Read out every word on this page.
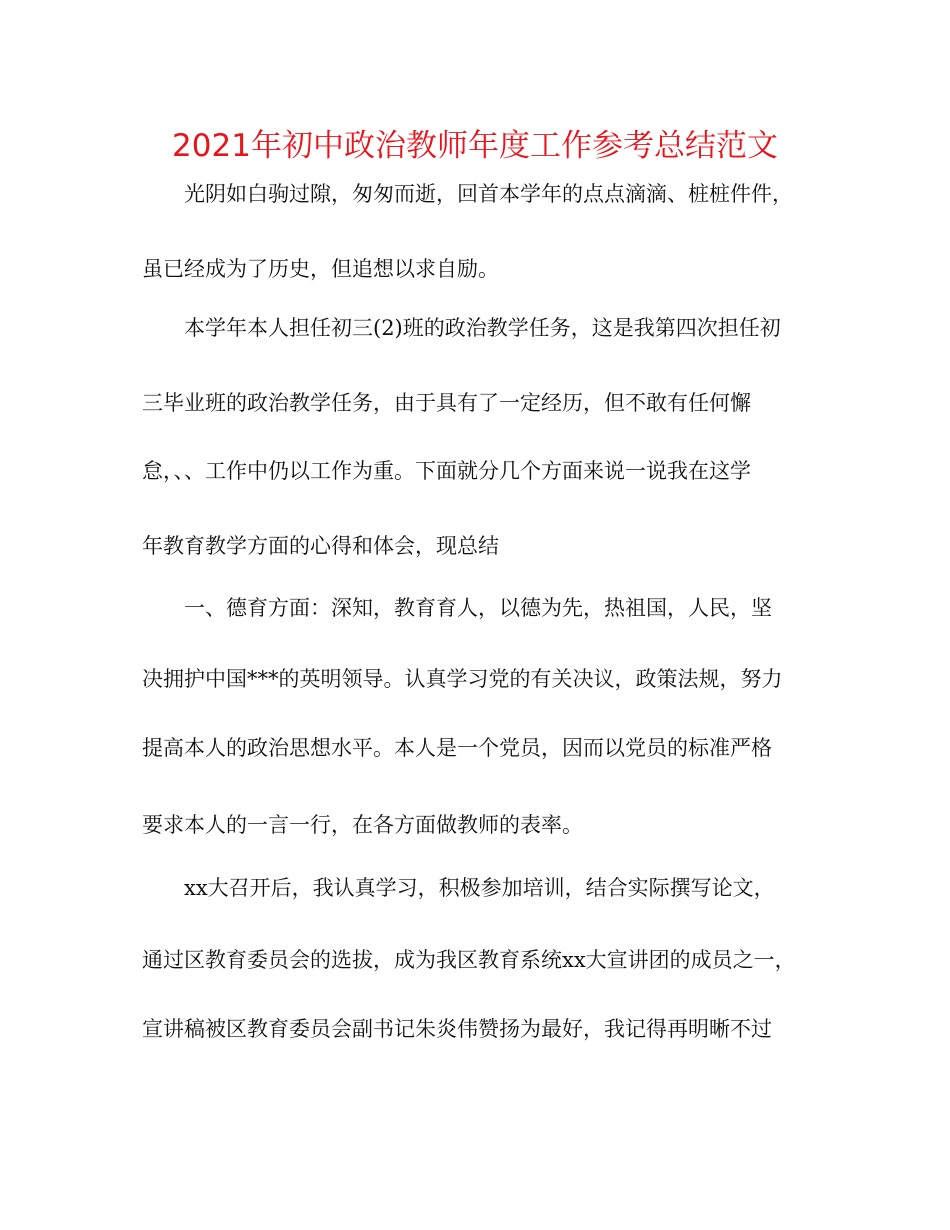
2021年初中政治教师年度工作参考总结范文
光阴如白驹过隙，匆匆而逝，回首本学年的点点滴滴、桩桩件件，
虽已经成为了历史，但追想以求自励。
本学年本人担任初三(2)班的政治教学任务，这是我第四次担任初
三毕业班的政治教学任务，由于具有了一定经历，但不敢有任何懈
怠，、、工作中仍以工作为重。下面就分几个方面来说一说我在这学
年教育教学方面的心得和体会，现总结
一、德育方面：深知，教育育人，以德为先，热祖国，人民，坚
决拥护中国***的英明领导。认真学习党的有关决议，政策法规，努力
提高本人的政治思想水平。本人是一个党员，因而以党员的标准严格
要求本人的一言一行，在各方面做教师的表率。
xx大召开后，我认真学习，积极参加培训，结合实际撰写论文，
通过区教育委员会的选拔，成为我区教育系统xx大宣讲团的成员之一，
宣讲稿被区教育委员会副书记朱炎伟赞扬为最好，我记得再明晰不过
